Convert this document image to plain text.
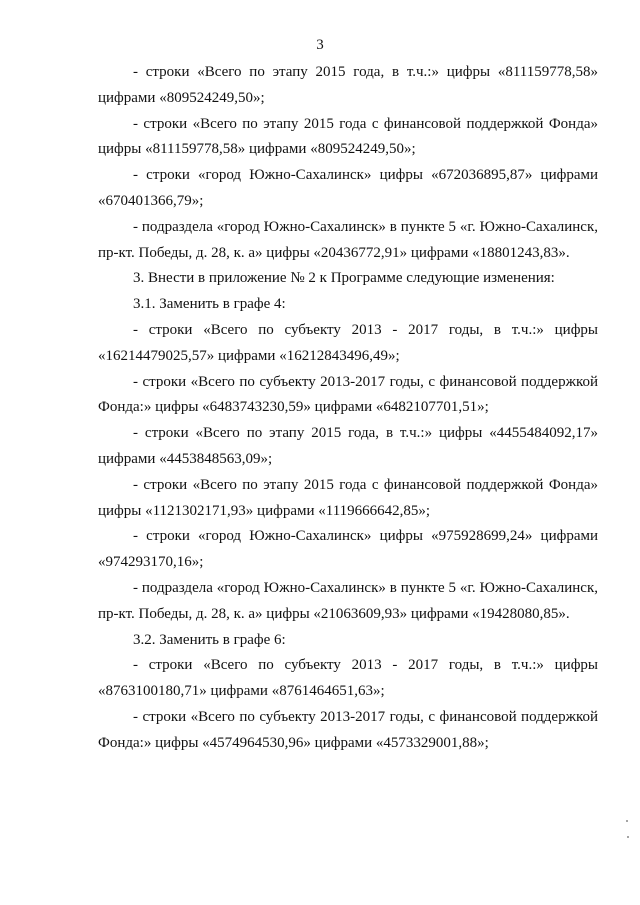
3

- строки «Всего по этапу 2015 года, в т.ч.:» цифры «811159778,58» цифрами «809524249,50»;

- строки «Всего по этапу 2015 года с финансовой поддержкой Фонда» цифры «811159778,58» цифрами «809524249,50»;

- строки «город Южно-Сахалинск» цифры «672036895,87» цифрами «670401366,79»;

- подраздела «город Южно-Сахалинск» в пункте 5 «г. Южно-Сахалинск, пр-кт. Победы, д. 28, к. а» цифры «20436772,91» цифрами «18801243,83».

3. Внести в приложение № 2 к Программе следующие изменения:

3.1. Заменить в графе 4:

- строки «Всего по субъекту 2013 - 2017 годы, в т.ч.:» цифры «16214479025,57» цифрами «16212843496,49»;

- строки «Всего по субъекту 2013-2017 годы, с финансовой поддержкой Фонда:» цифры «6483743230,59» цифрами «6482107701,51»;

- строки «Всего по этапу 2015 года, в т.ч.:» цифры «4455484092,17» цифрами «4453848563,09»;

- строки «Всего по этапу 2015 года с финансовой поддержкой Фонда» цифры «1121302171,93» цифрами «1119666642,85»;

- строки «город Южно-Сахалинск» цифры «975928699,24» цифрами «974293170,16»;

- подраздела «город Южно-Сахалинск» в пункте 5 «г. Южно-Сахалинск, пр-кт. Победы, д. 28, к. а» цифры «21063609,93» цифрами «19428080,85».

3.2. Заменить в графе 6:

- строки «Всего по субъекту 2013 - 2017 годы, в т.ч.:» цифры «8763100180,71» цифрами «8761464651,63»;

- строки «Всего по субъекту 2013-2017 годы, с финансовой поддержкой Фонда:» цифры «4574964530,96» цифрами «4573329001,88»;
